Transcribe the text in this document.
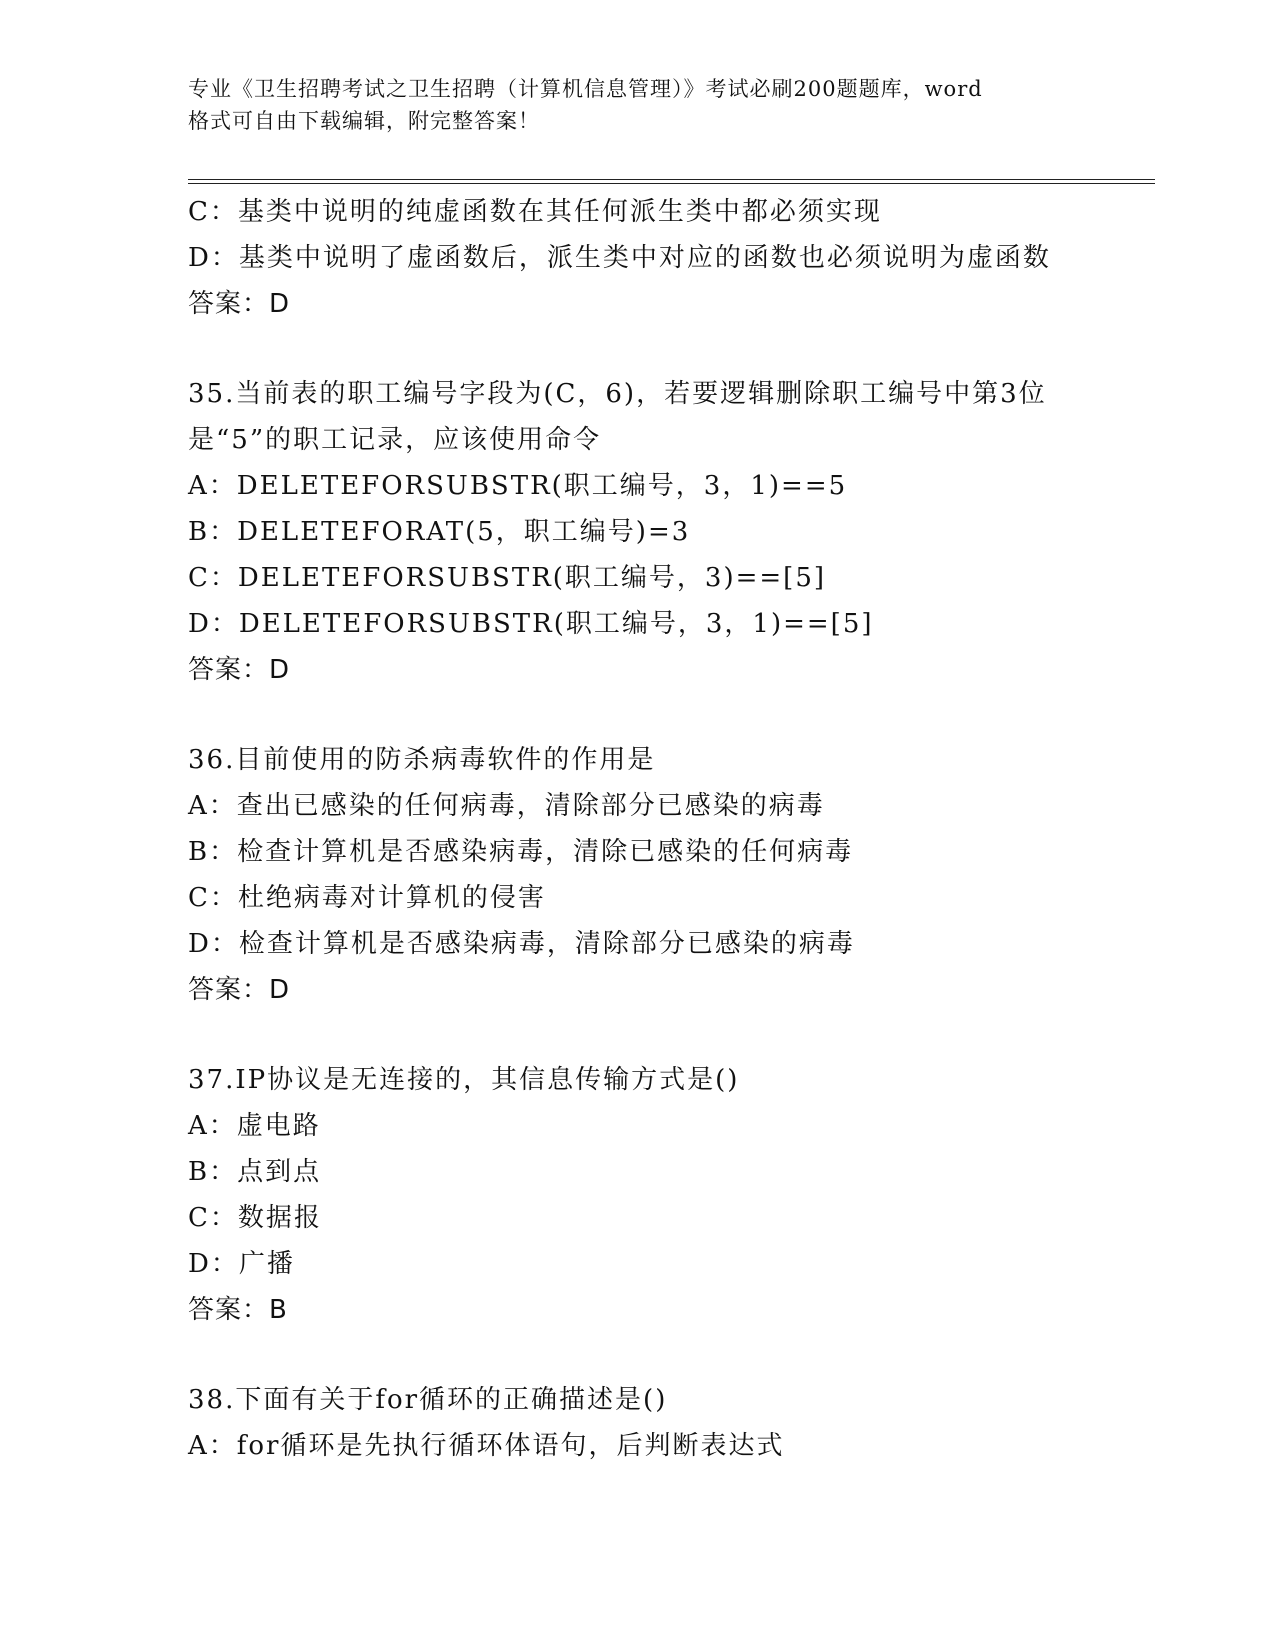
专业《卫生招聘考试之卫生招聘（计算机信息管理）》考试必刷200题题库，word
格式可自由下载编辑，附完整答案！
C：基类中说明的纯虚函数在其任何派生类中都必须实现
D：基类中说明了虚函数后，派生类中对应的函数也必须说明为虚函数
答案：D
35.当前表的职工编号字段为(C，6)，若要逻辑删除职工编号中第3位
是“5”的职工记录，应该使用命令
A：DELETEFORSUBSTR(职工编号，3，1)==5
B：DELETEFORAT(5，职工编号)=3
C：DELETEFORSUBSTR(职工编号，3)==[5]
D：DELETEFORSUBSTR(职工编号，3，1)==[5]
答案：D
36.目前使用的防杀病毒软件的作用是
A：查出已感染的任何病毒，清除部分已感染的病毒
B：检查计算机是否感染病毒，清除已感染的任何病毒
C：杜绝病毒对计算机的侵害
D：检查计算机是否感染病毒，清除部分已感染的病毒
答案：D
37.IP协议是无连接的，其信息传输方式是()
A：虚电路
B：点到点
C：数据报
D：广播
答案：B
38.下面有关于for循环的正确描述是()
A：for循环是先执行循环体语句，后判断表达式
